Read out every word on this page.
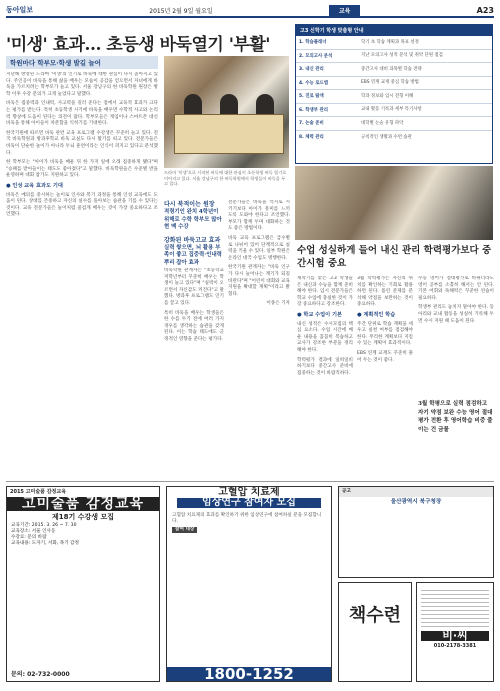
동아일보	2015년 2월 9일 월요일	교육	A23
'미생' 효과… 초등생 바둑열기 '부활'
학원마다 학부모·학생 발길 늘어

지난해 방영된 드라마 '미생'의 인기로 바둑에 대한 관심이 다시 높아지고 있다. 주인공이 바둑을 통해 삶을 배우는 모습이 공감을 얻으면서 자녀에게 바둑을 가르치려는 학부모가 늘고 있다. 서울 강남구의 한 바둑학원 원장은 방학 이후 수강 문의가 크게 늘었다고 말했다.

바둑은 집중력과 인내력, 사고력을 길러 준다는 점에서 교육적 효과가 크다는 평가를 받는다. 특히 초등학생 시기에 바둑을 배우면 수학적 사고와 논리력 향상에 도움이 된다는 의견이 많다. 학부모들은 게임이나 스마트폰 대신 바둑을 통해 아이들이 차분함을 익히기를 기대한다.

한국기원에 따르면 바둑 관련 교육 프로그램 수강생은 꾸준히 늘고 있다. 전국 바둑학원과 방과후학교 바둑 교실도 다시 활기를 띠고 있다. 전문가들은 바둑이 단순한 놀이가 아니라 두뇌 훈련이라는 인식이 퍼지고 있다고 분석했다.

한 학부모는 "아이가 바둑을 배운 뒤 한 가지 일에 오래 집중하게 됐다"며 "승패를 받아들이는 태도도 좋아졌다"고 말했다. 바둑학원들은 수준별 반을 운영하며 대회 참가도 지원하고 있다.

● 인성 교육 효과도 기대

바둑은 예의를 중시하는 놀이로 인사와 복기 과정을 통해 인성 교육에도 도움이 된다. 상대를 존중하고 자신의 실수를 돌아보는 습관을 기를 수 있다는 것이다. 교육 전문가들은 놀이처럼 즐겁게 배우는 것이 가장 중요하다고 조언했다.

드라마 '미생'으로 시작된 바둑에 대한 관심이 초등학생 바둑 열기로 이어지고 있다. 서울 강남구의 한 바둑학원에서 학생들이 바둑을 두고 있다.
다시 북적이는 원장
적령기인 완치 4학년이 위해로 수학 학부모 많아 현 맥 수강
강화된 바둑고교 효과
실력 쌓으면, 뇌 활용 부족이 좋고 집중력·인내력 뿌리 잡아 효과

바둑학원 관계자는 "초등학교 저학년부터 꾸준히 배우는 학생이 늘고 있다"며 "실력이 오르면서 자신감도 커진다"고 말했다. 방과후 프로그램도 인기를 끌고 있다.

특히 바둑을 배우는 학생들은 한 수를 두기 전에 여러 가지 경우를 생각하는 습관을 갖게 된다. 이는 학습 태도에도 긍정적인 영향을 준다는 평가다.

전문가들은 바둑을 억지로 시키기보다 아이가 흥미를 느끼도록 도와야 한다고 조언했다. 부모가 함께 두며 대화하는 것도 좋은 방법이다.

바둑 교육 프로그램은 급수별로 나뉘어 있어 단계적으로 실력을 키울 수 있다. 일부 학원은 온라인 대국 수업도 병행한다.

한국기원 관계자는 "바둑 인구가 다시 늘어나는 계기가 되길 바란다"며 "어린이 대회와 교육 지원을 확대할 계획"이라고 밝혔다.

이종은 기자

고3 신학기 학생 맞춤형 안내
1. 학습플래너	학기 초 학습 계획과 목표 설정
2. 모의고사 분석	지난 모의고사 성적 분석 및 취약 단원 점검
3. 내신 관리	중간고사 대비 과목별 학습 전략
4. 수능 로드맵	EBS 연계 교재 중심 학습 방법
5. 진로 탐색	학과 정보와 입시 전형 이해
6. 학생부 관리	교내 활동 기록과 세부 특기사항
7. 논술 준비	대학별 논술 유형 파악
8. 체력 관리	규칙적인 생활과 수면 습관
수업 성실하게 들어 내신 관리 학력평가보다 중간시험 중요

새학기를 맞은 고3 학생들은 내신과 수능을 함께 준비해야 한다. 입시 전문가들은 학교 수업에 충실한 것이 가장 중요하다고 강조한다.

● 학교 수업이 기본

내신 성적은 수시모집의 핵심 요소다. 수업 시간에 배운 내용을 꼼꼼히 복습하고 교사가 강조한 부분을 정리해야 한다.

학력평가 결과에 일희일비하기보다 중간고사 준비에 집중하는 것이 바람직하다.

3월 학력평가는 자신의 위치를 확인하는 기회로 활용하면 된다. 틀린 문제를 분석해 약점을 보완하는 것이 중요하다.

● 계획적인 학습

주간 단위로 학습 계획을 세우고 실천 여부를 점검해야 한다. 무리한 계획보다 지킬 수 있는 계획이 효과적이다.

EBS 연계 교재도 꾸준히 풀어 두는 것이 좋다.

수능 영어가 절대평가로 바뀌더라도 영어 공부를 소홀히 해서는 안 된다. 기본 어휘와 독해력은 꾸준한 연습이 필요하다.

학생부 관리도 놓치지 말아야 한다. 동아리와 교내 활동을 성실히 기록해 두면 수시 지원 때 도움이 된다.

3월 학평으로 실력 점검하고 자기 약점 보완 수능 영어 절대평가 전환 후 영어학습 비중 줄이는 건 금물
2015 고미술품 감정교육
고미술품 감정교육
제18기 수강생 모집
교육기간: 2015. 3. 26 ~ 7. 30
교육장소: 서울 인사동
수강료: 문의 바람
교육내용: 도자기, 서화, 목기 감정
문의: 02-732-0000
고혈압 치료제
임상연구 참여자 모집
고혈압 치료제의 효과를 확인하기 위한 임상연구에 참여하실 분을 모집합니다.
참여 대상
1800-1252
공고
울산광역시 북구청장
책수련
비·씨
010-2178-3381
